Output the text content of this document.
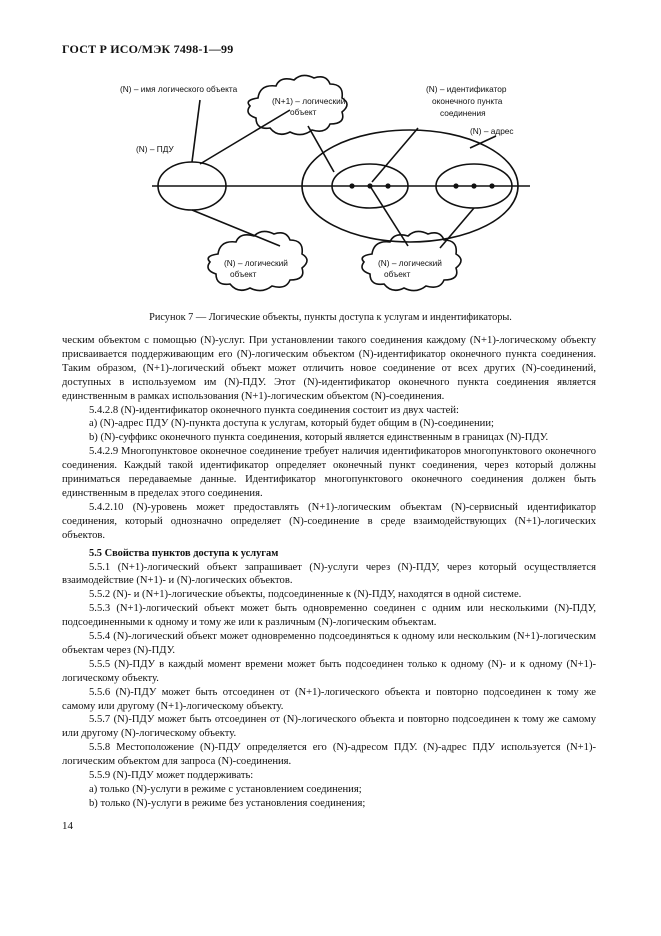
ГОСТ Р ИСО/МЭК 7498-1—99
(N) – имя логического объекта
(N+1) – логический
объект
(N) – идентификатор
оконечного пункта
соединения
(N) – адрес
(N) – ПДУ
(N) – логический
объект
(N) – логический
объект
Рисунок 7 — Логические объекты, пункты доступа к услугам и индентификаторы.

ческим объектом с помощью (N)-услуг. При установлении такого соединения каждому (N+1)-логическому объекту присваивается поддерживающим его (N)-логическим объектом (N)-идентификатор оконечного пункта соединения. Таким образом, (N+1)-логический объект может отличить новое соединение от всех других (N)-соединений, доступных в используемом им (N)-ПДУ. Этот (N)-идентификатор оконечного пункта соединения является единственным в рамках использования (N+1)-логическим объектом (N)-соединения.

5.4.2.8 (N)-идентификатор оконечного пункта соединения состоит из двух частей:

а) (N)-адрес ПДУ (N)-пункта доступа к услугам, который будет общим в (N)-соединении;

b) (N)-суффикс оконечного пункта соединения, который является единственным в границах (N)-ПДУ.

5.4.2.9 Многопунктовое оконечное соединение требует наличия идентификаторов многопунктового оконечного соединения. Каждый такой идентификатор определяет оконечный пункт соединения, через который должны приниматься передаваемые данные. Идентификатор многопунктового оконечного соединения должен быть единственным в пределах этого соединения.

5.4.2.10 (N)-уровень может предоставлять (N+1)-логическим объектам (N)-сервисный идентификатор соединения, который однозначно определяет (N)-соединение в среде взаимодействующих (N+1)-логических объектов.

5.5 Свойства пунктов доступа к услугам

5.5.1 (N+1)-логический объект запрашивает (N)-услуги через (N)-ПДУ, через который осуществляется взаимодействие (N+1)- и (N)-логических объектов.

5.5.2 (N)- и (N+1)-логические объекты, подсоединенные к (N)-ПДУ, находятся в одной системе.

5.5.3 (N+1)-логический объект может быть одновременно соединен с одним или несколькими (N)-ПДУ, подсоединенными к одному и тому же или к различным (N)-логическим объектам.

5.5.4 (N)-логический объект может одновременно подсоединяться к одному или нескольким (N+1)-логическим объектам через (N)-ПДУ.

5.5.5 (N)-ПДУ в каждый момент времени может быть подсоединен только к одному (N)- и к одному (N+1)-логическому объекту.

5.5.6 (N)-ПДУ может быть отсоединен от (N+1)-логического объекта и повторно подсоединен к тому же самому или другому (N+1)-логическому объекту.

5.5.7 (N)-ПДУ может быть отсоединен от (N)-логического объекта и повторно подсоединен к тому же самому или другому (N)-логическому объекту.

5.5.8 Местоположение (N)-ПДУ определяется его (N)-адресом ПДУ. (N)-адрес ПДУ используется (N+1)-логическим объектом для запроса (N)-соединения.

5.5.9 (N)-ПДУ может поддерживать:

а) только (N)-услуги в режиме с установлением соединения;

b) только (N)-услуги в режиме без установления соединения;

14
